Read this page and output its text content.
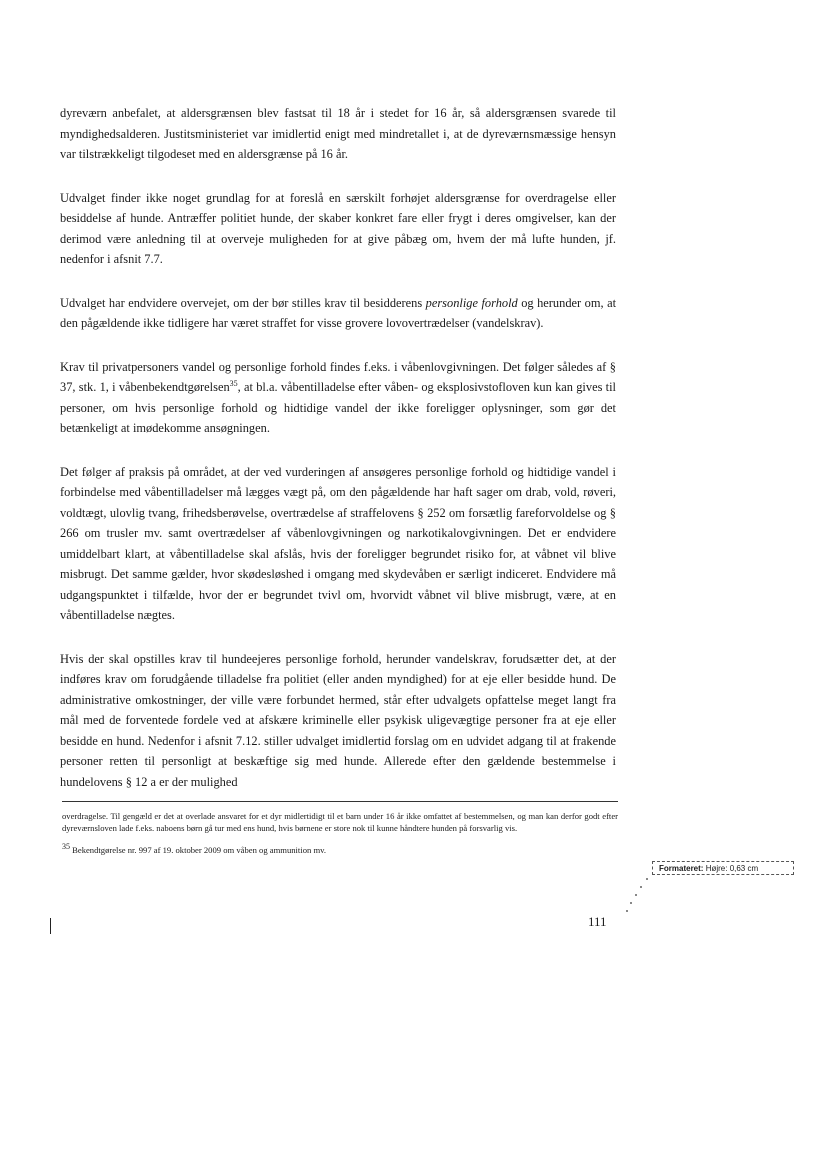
dyreværn anbefalet, at aldersgrænsen blev fastsat til 18 år i stedet for 16 år, så aldersgrænsen svarede til myndighedsalderen. Justitsministeriet var imidlertid enigt med mindretallet i, at de dyreværnsmæssige hensyn var tilstrækkeligt tilgodeset med en aldersgrænse på 16 år.

Udvalget finder ikke noget grundlag for at foreslå en særskilt forhøjet aldersgrænse for overdragelse eller besiddelse af hunde. Antræffer politiet hunde, der skaber konkret fare eller frygt i deres omgivelser, kan der derimod være anledning til at overveje muligheden for at give påbæg om, hvem der må lufte hunden, jf. nedenfor i afsnit 7.7.

Udvalget har endvidere overvejet, om der bør stilles krav til besidderens personlige forhold og herunder om, at den pågældende ikke tidligere har været straffet for visse grovere lovovertrædelser (vandelskrav).

Krav til privatpersoners vandel og personlige forhold findes f.eks. i våbenlovgivningen. Det følger således af § 37, stk. 1, i våbenbekendtgørelsen$^{35}$, at bl.a. våbentilladelse efter våben- og eksplosivstofloven kun kan gives til personer, om hvis personlige forhold og hidtidige vandel der ikke foreligger oplysninger, som gør det betænkeligt at imødekomme ansøgningen.

Det følger af praksis på området, at der ved vurderingen af ansøgeres personlige forhold og hidtidige vandel i forbindelse med våbentilladelser må lægges vægt på, om den pågældende har haft sager om drab, vold, røveri, voldtægt, ulovlig tvang, frihedsberøvelse, overtrædelse af straffelovens § 252 om forsætlig fareforvoldelse og § 266 om trusler mv. samt overtrædelser af våbenlovgivningen og narkotikalovgivningen. Det er endvidere umiddelbart klart, at våbentilladelse skal afslås, hvis der foreligger begrundet risiko for, at våbnet vil blive misbrugt. Det samme gælder, hvor skødesløshed i omgang med skydevåben er særligt indiceret. Endvidere må udgangspunktet i tilfælde, hvor der er begrundet tvivl om, hvorvidt våbnet vil blive misbrugt, være, at en våbentilladelse nægtes.

Hvis der skal opstilles krav til hundeejeres personlige forhold, herunder vandelskrav, forudsætter det, at der indføres krav om forudgående tilladelse fra politiet (eller anden myndighed) for at eje eller besidde hund. De administrative omkostninger, der ville være forbundet hermed, står efter udvalgets opfattelse meget langt fra mål med de forventede fordele ved at afskære kriminelle eller psykisk uligevægtige personer fra at eje eller besidde en hund. Nedenfor i afsnit 7.12. stiller udvalget imidlertid forslag om en udvidet adgang til at frakende personer retten til personligt at beskæftige sig med hunde. Allerede efter den gældende bestemmelse i hundelovens § 12 a er der mulighed

overdragelse. Til gengæld er det at overlade ansvaret for et dyr midlertidigt til et barn under 16 år ikke omfattet af bestemmelsen, og man kan derfor godt efter dyreværnsloven lade f.eks. naboens børn gå tur med ens hund, hvis børnene er store nok til kunne håndtere hunden på forsvarlig vis.

$^{35}$ Bekendtgørelse nr. 997 af 19. oktober 2009 om våben og ammunition mv.

Formateret: Højre: 0,63 cm
111
